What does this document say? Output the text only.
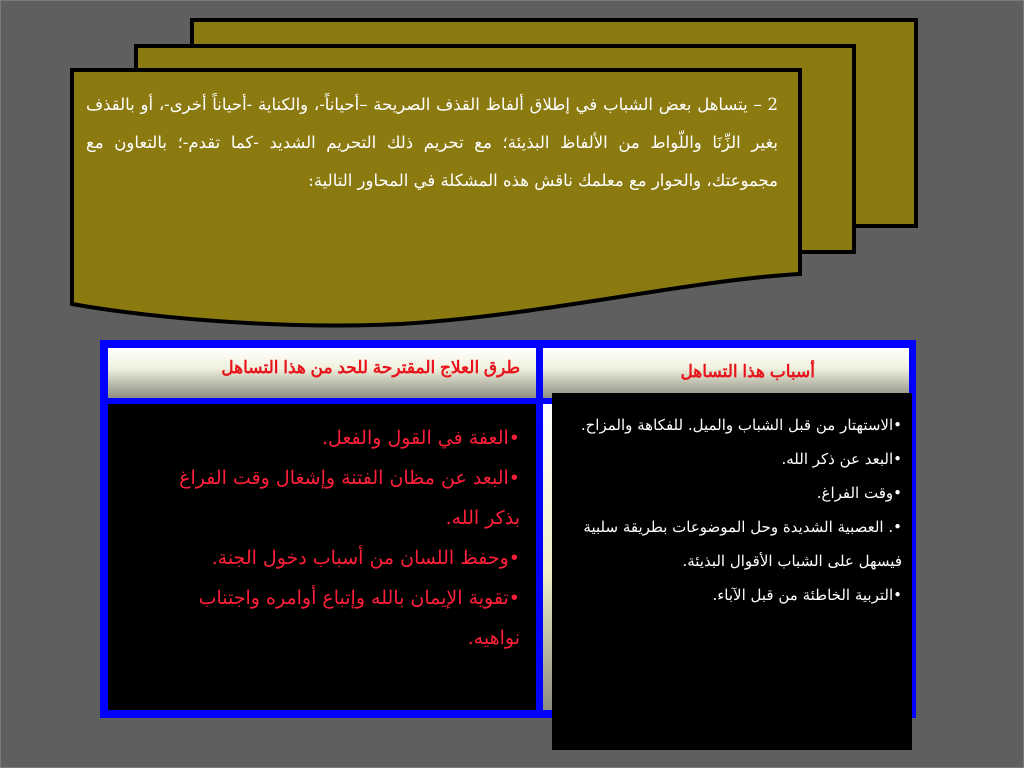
2 – يتساهل بعض الشباب في إطلاق ألفاظ القذف الصريحة –أحياناً-، والكناية -أحياناً أخرى-، أو بالقذف بغير الزِّنَا واللّواط من الألفاظ البذيئة؛ مع تحريم ذلك التحريم الشديد -كما تقدم-؛ بالتعاون مع مجموعتك، والحوار مع معلمك ناقش هذه المشكلة في المحاور التالية:
طرق العلاج المقترحة للحد من هذا التساهل	أسباب هذا التساهل
•العفة في القول والفعل.
•البعد عن مظان الفتنة وإشغال وقت الفراغ بذكر الله.
•وحفظ اللسان من أسباب دخول الجنة.
•تقوية الإيمان بالله وإتباع أوامره واجتناب نواهيه.
•الاستهتار من قبل الشباب والميل. للفكاهة والمزاح.
•البعد عن ذكر الله.
•وقت الفراغ.
•. العصبية الشديدة وحل الموضوعات بطريقة سلبية فيسهل على الشباب الأقوال البذيئة.
•التربية الخاطئة من قبل الآباء.
